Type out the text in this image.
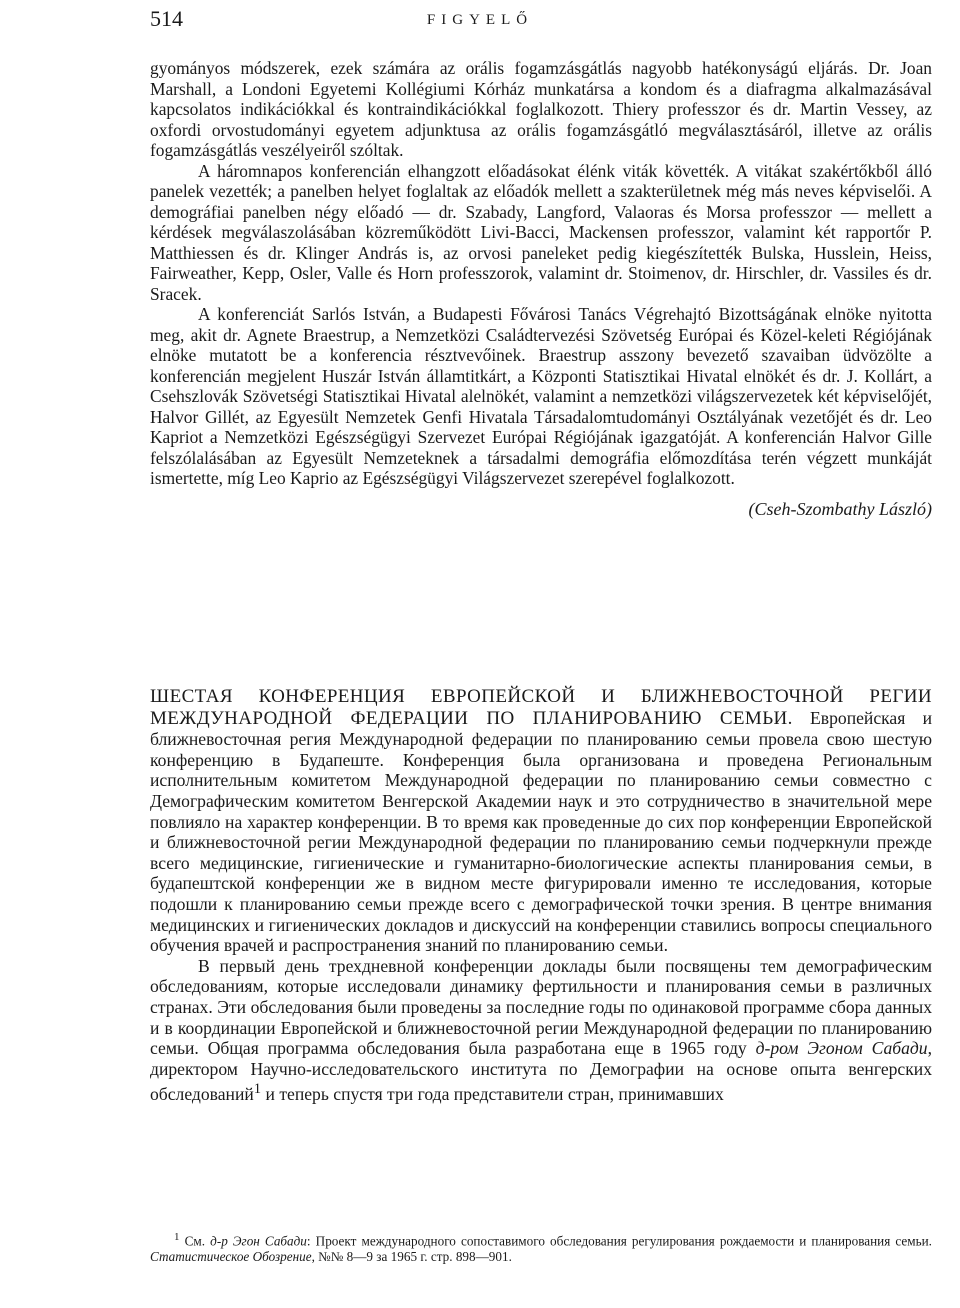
514	FIGYELŐ

gyományos módszerek, ezek számára az orális fogamzásgátlás nagyobb hatékonyságú eljárás. Dr. Joan Marshall, a Londoni Egyetemi Kollégiumi Kórház munkatársa a kondom és a diafragma alkalmazásával kapcsolatos indikációkkal és kontraindikációkkal foglalkozott. Thiery professzor és dr. Martin Vessey, az oxfordi orvostudományi egyetem adjunktusa az orális fogamzásgátló megválasztásáról, illetve az orális fogamzásgátlás veszélyeiről szóltak.

A háromnapos konferencián elhangzott előadásokat élénk viták követték. A vitákat szakértőkből álló panelek vezették; a panelben helyet foglaltak az előadók mellett a szakterületnek még más neves képviselői. A demográfiai panelben négy előadó — dr. Szabady, Langford, Valaoras és Morsa professzor — mellett a kérdések megválaszolásában közreműködött Livi-Bacci, Mackensen professzor, valamint két rapportőr P. Matthiessen és dr. Klinger András is, az orvosi paneleket pedig kiegészítették Bulska, Husslein, Heiss, Fairweather, Kepp, Osler, Valle és Horn professzorok, valamint dr. Stoimenov, dr. Hirschler, dr. Vassiles és dr. Sracek.

A konferenciát Sarlós István, a Budapesti Fővárosi Tanács Végrehajtó Bizottságának elnöke nyitotta meg, akit dr. Agnete Braestrup, a Nemzetközi Családtervezési Szövetség Európai és Közel-keleti Régiójának elnöke mutatott be a konferencia résztvevőinek. Braestrup asszony bevezető szavaiban üdvözölte a konferencián megjelent Huszár István államtitkárt, a Központi Statisztikai Hivatal elnökét és dr. J. Kollárt, a Csehszlovák Szövetségi Statisztikai Hivatal alelnökét, valamint a nemzetközi világszervezetek két képviselőjét, Halvor Gillét, az Egyesült Nemzetek Genfi Hivatala Társadalomtudományi Osztályának vezetőjét és dr. Leo Kapriot a Nemzetközi Egészségügyi Szervezet Európai Régiójának igazgatóját. A konferencián Halvor Gille felszólalásában az Egyesült Nemzeteknek a társadalmi demográfia előmozdítása terén végzett munkáját ismertette, míg Leo Kaprio az Egészségügyi Világszervezet szerepével foglalkozott.

(Cseh-Szombathy László)

ШЕСТАЯ КОНФЕРЕНЦИЯ ЕВРОПЕЙСКОЙ И БЛИЖНЕВОСТОЧНОЙ РЕГИИ МЕЖДУНАРОДНОЙ ФЕДЕРАЦИИ ПО ПЛАНИРОВАНИЮ СЕМЬИ. Европейская и ближневосточная регия Международной федерации по планированию семьи провела свою шестую конференцию в Будапеште. Конференция была организована и проведена Региональным исполнительным комитетом Международной федерации по планированию семьи совместно с Демографическим комитетом Венгерской Академии наук и это сотрудничество в значительной мере повлияло на характер конференции. В то время как проведенные до сих пор конференции Европейской и ближневосточной регии Международной федерации по планированию семьи подчеркнули прежде всего медицинские, гигиенические и гуманитарно-биологические аспекты планирования семьи, в будапештской конференции же в видном месте фигурировали именно те исследования, которые подошли к планированию семьи прежде всего с демографической точки зрения. В центре внимания медицинских и гигиенических докладов и дискуссий на конференции ставились вопросы специального обучения врачей и распространения знаний по планированию семьи.

В первый день трехдневной конференции доклады были посвящены тем демографическим обследованиям, которые исследовали динамику фертильности и планирования семьи в различных странах. Эти обследования были проведены за последние годы по одинаковой программе сбора данных и в координации Европейской и ближневосточной регии Международной федерации по планированию семьи. Общая программа обследования была разработана еще в 1965 году д-ром Эгоном Сабади, директором Научно-исследовательского института по Демографии на основе опыта венгерских обследований$^1$ и теперь спустя три года представители стран, принимавших

$^1$ См. д-р Эгон Сабади: Проект международного сопоставимого обследования регулирования рождаемости и планирования семьи. Статистическое Обозрение, №№ 8—9 за 1965 г. стр. 898—901.
